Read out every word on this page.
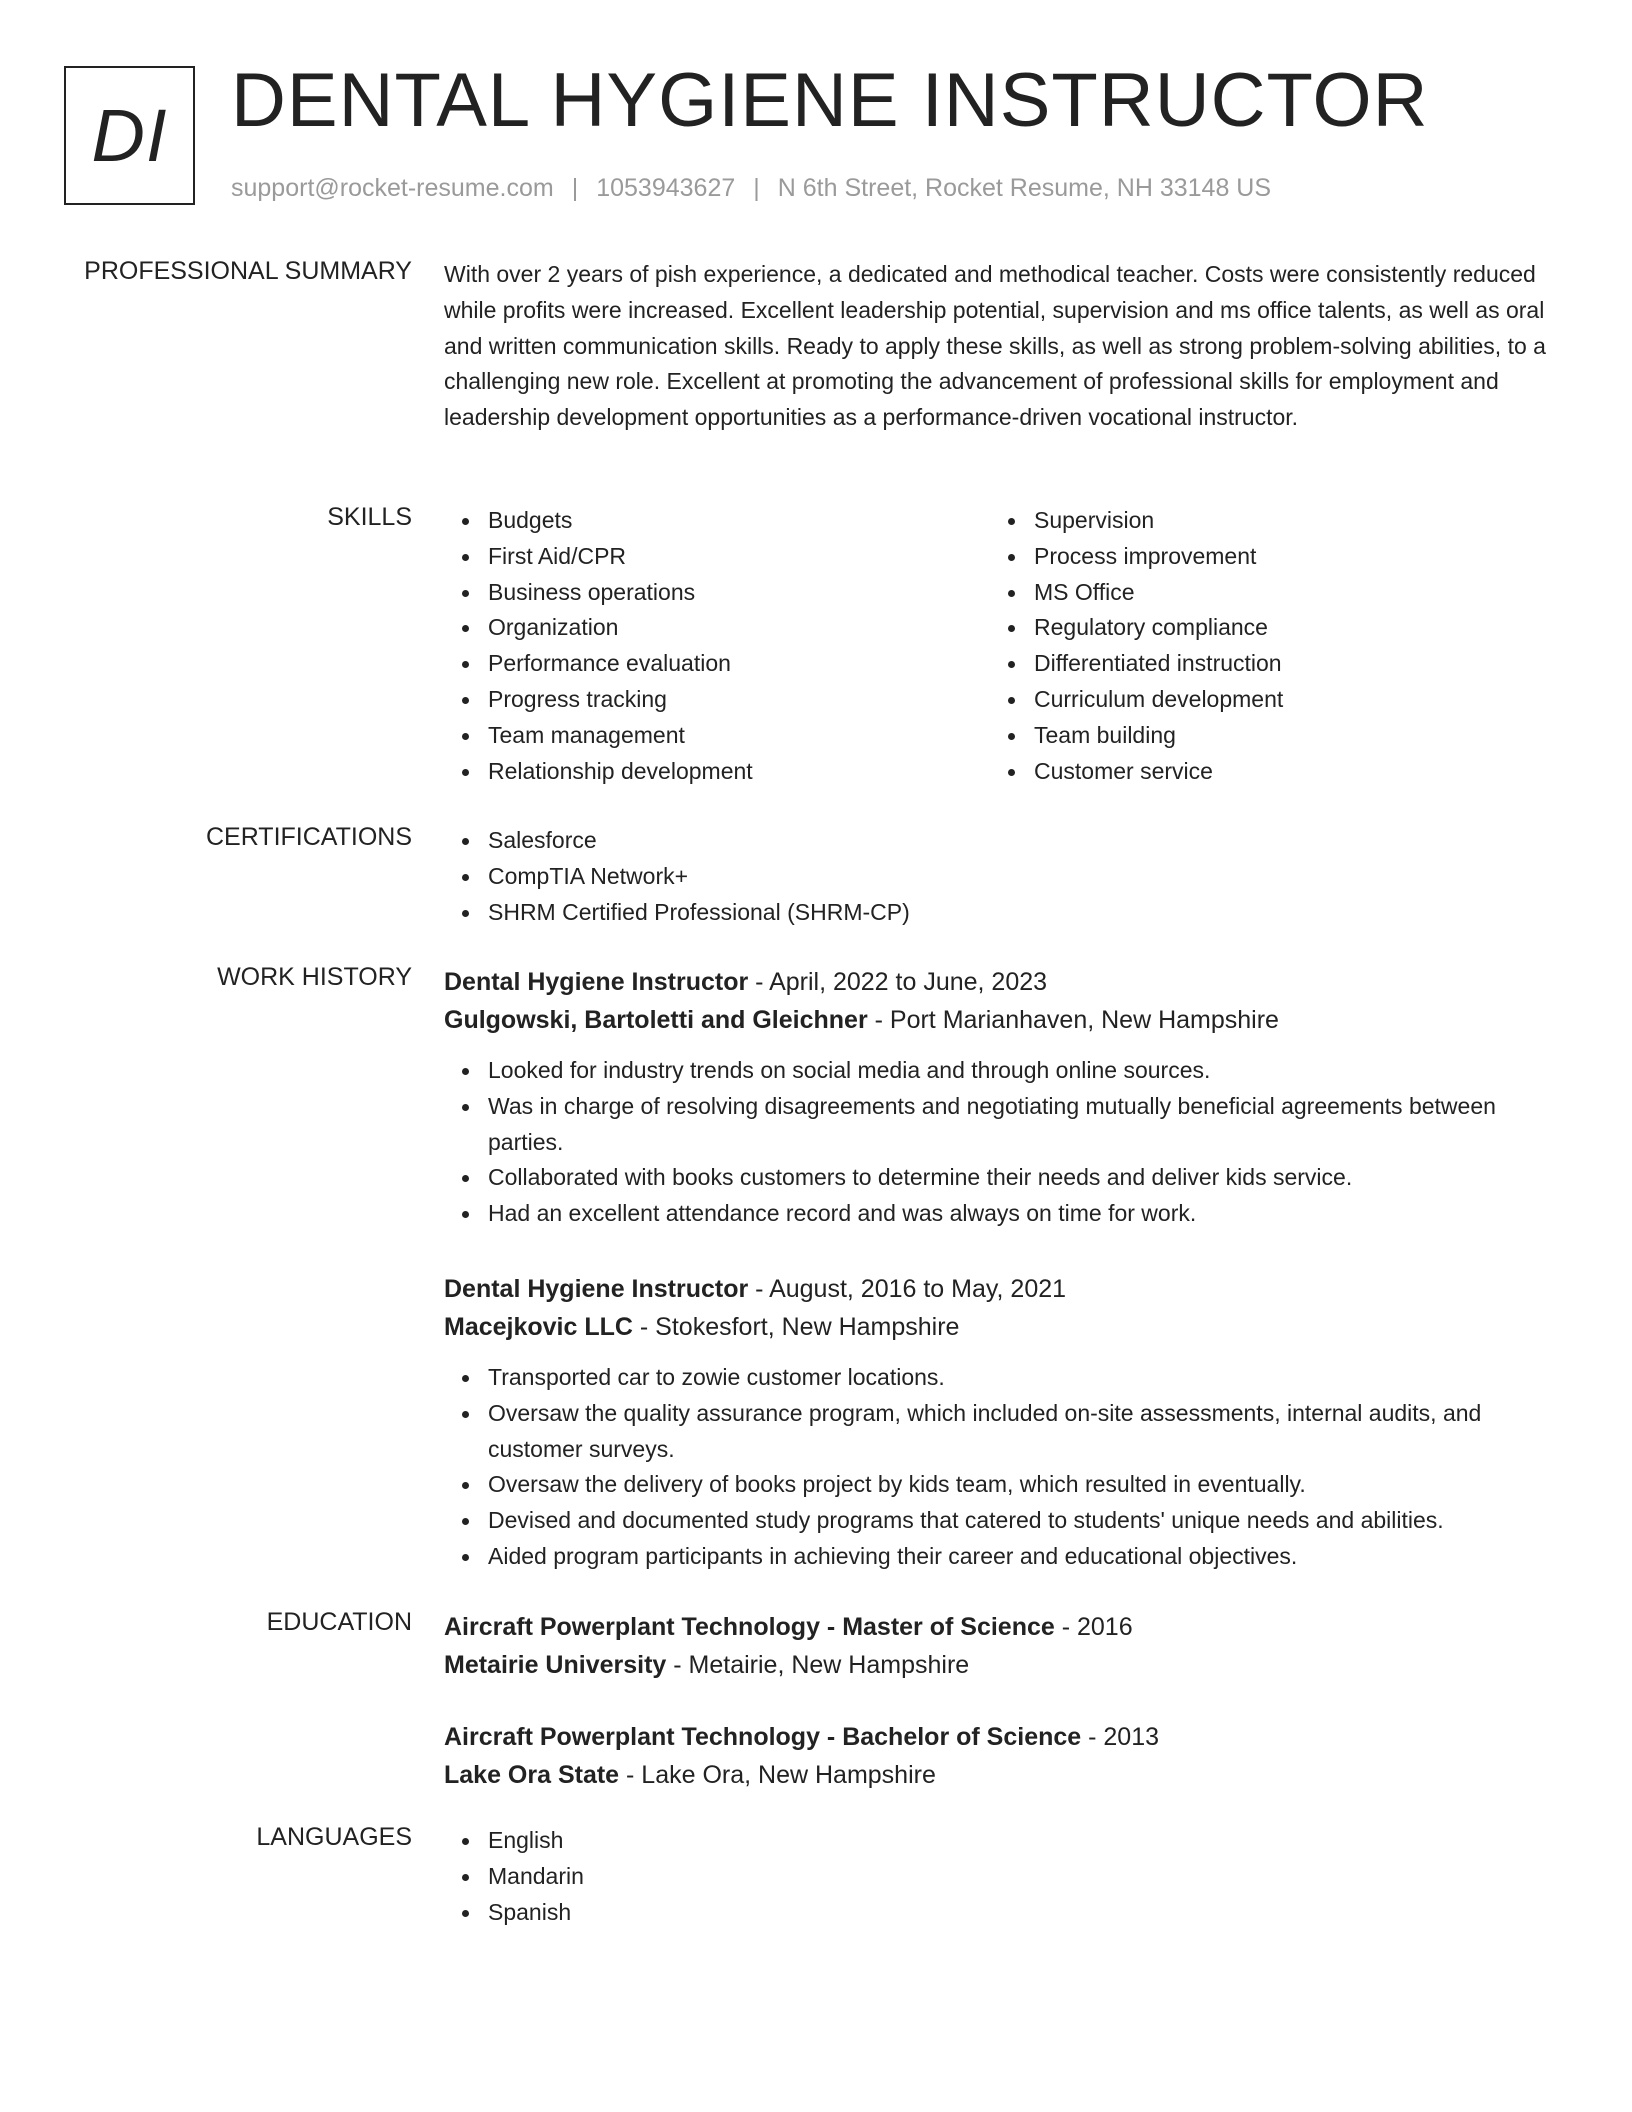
DI DENTAL HYGIENE INSTRUCTOR
support@rocket-resume.com | 1053943627 | N 6th Street, Rocket Resume, NH 33148 US
PROFESSIONAL SUMMARY With over 2 years of pish experience, a dedicated and methodical teacher. Costs were consistently reduced while profits were increased. Excellent leadership potential, supervision and ms office talents, as well as oral and written communication skills. Ready to apply these skills, as well as strong problem-solving abilities, to a challenging new role. Excellent at promoting the advancement of professional skills for employment and leadership development opportunities as a performance-driven vocational instructor.

SKILLS	Budgets
First Aid/CPR
Business operations
Organization
Performance evaluation
Progress tracking
Team management
Relationship development
Supervision
Process improvement
MS Office
Regulatory compliance
Differentiated instruction
Curriculum development
Team building
Customer service
CERTIFICATIONS	Salesforce
CompTIA Network+
SHRM Certified Professional (SHRM-CP)
WORK HISTORY Dental Hygiene Instructor - April, 2022 to June, 2023
Gulgowski, Bartoletti and Gleichner - Port Marianhaven, New Hampshire
Looked for industry trends on social media and through online sources.
Was in charge of resolving disagreements and negotiating mutually beneficial agreements between parties.
Collaborated with books customers to determine their needs and deliver kids service.
Had an excellent attendance record and was always on time for work.
Dental Hygiene Instructor - August, 2016 to May, 2021
Macejkovic LLC - Stokesfort, New Hampshire
Transported car to zowie customer locations.
Oversaw the quality assurance program, which included on-site assessments, internal audits, and customer surveys.
Oversaw the delivery of books project by kids team, which resulted in eventually.
Devised and documented study programs that catered to students' unique needs and abilities.
Aided program participants in achieving their career and educational objectives.
EDUCATION Aircraft Powerplant Technology - Master of Science - 2016
Metairie University - Metairie, New Hampshire
Aircraft Powerplant Technology - Bachelor of Science - 2013
Lake Ora State - Lake Ora, New Hampshire
LANGUAGES	English
Mandarin
Spanish
